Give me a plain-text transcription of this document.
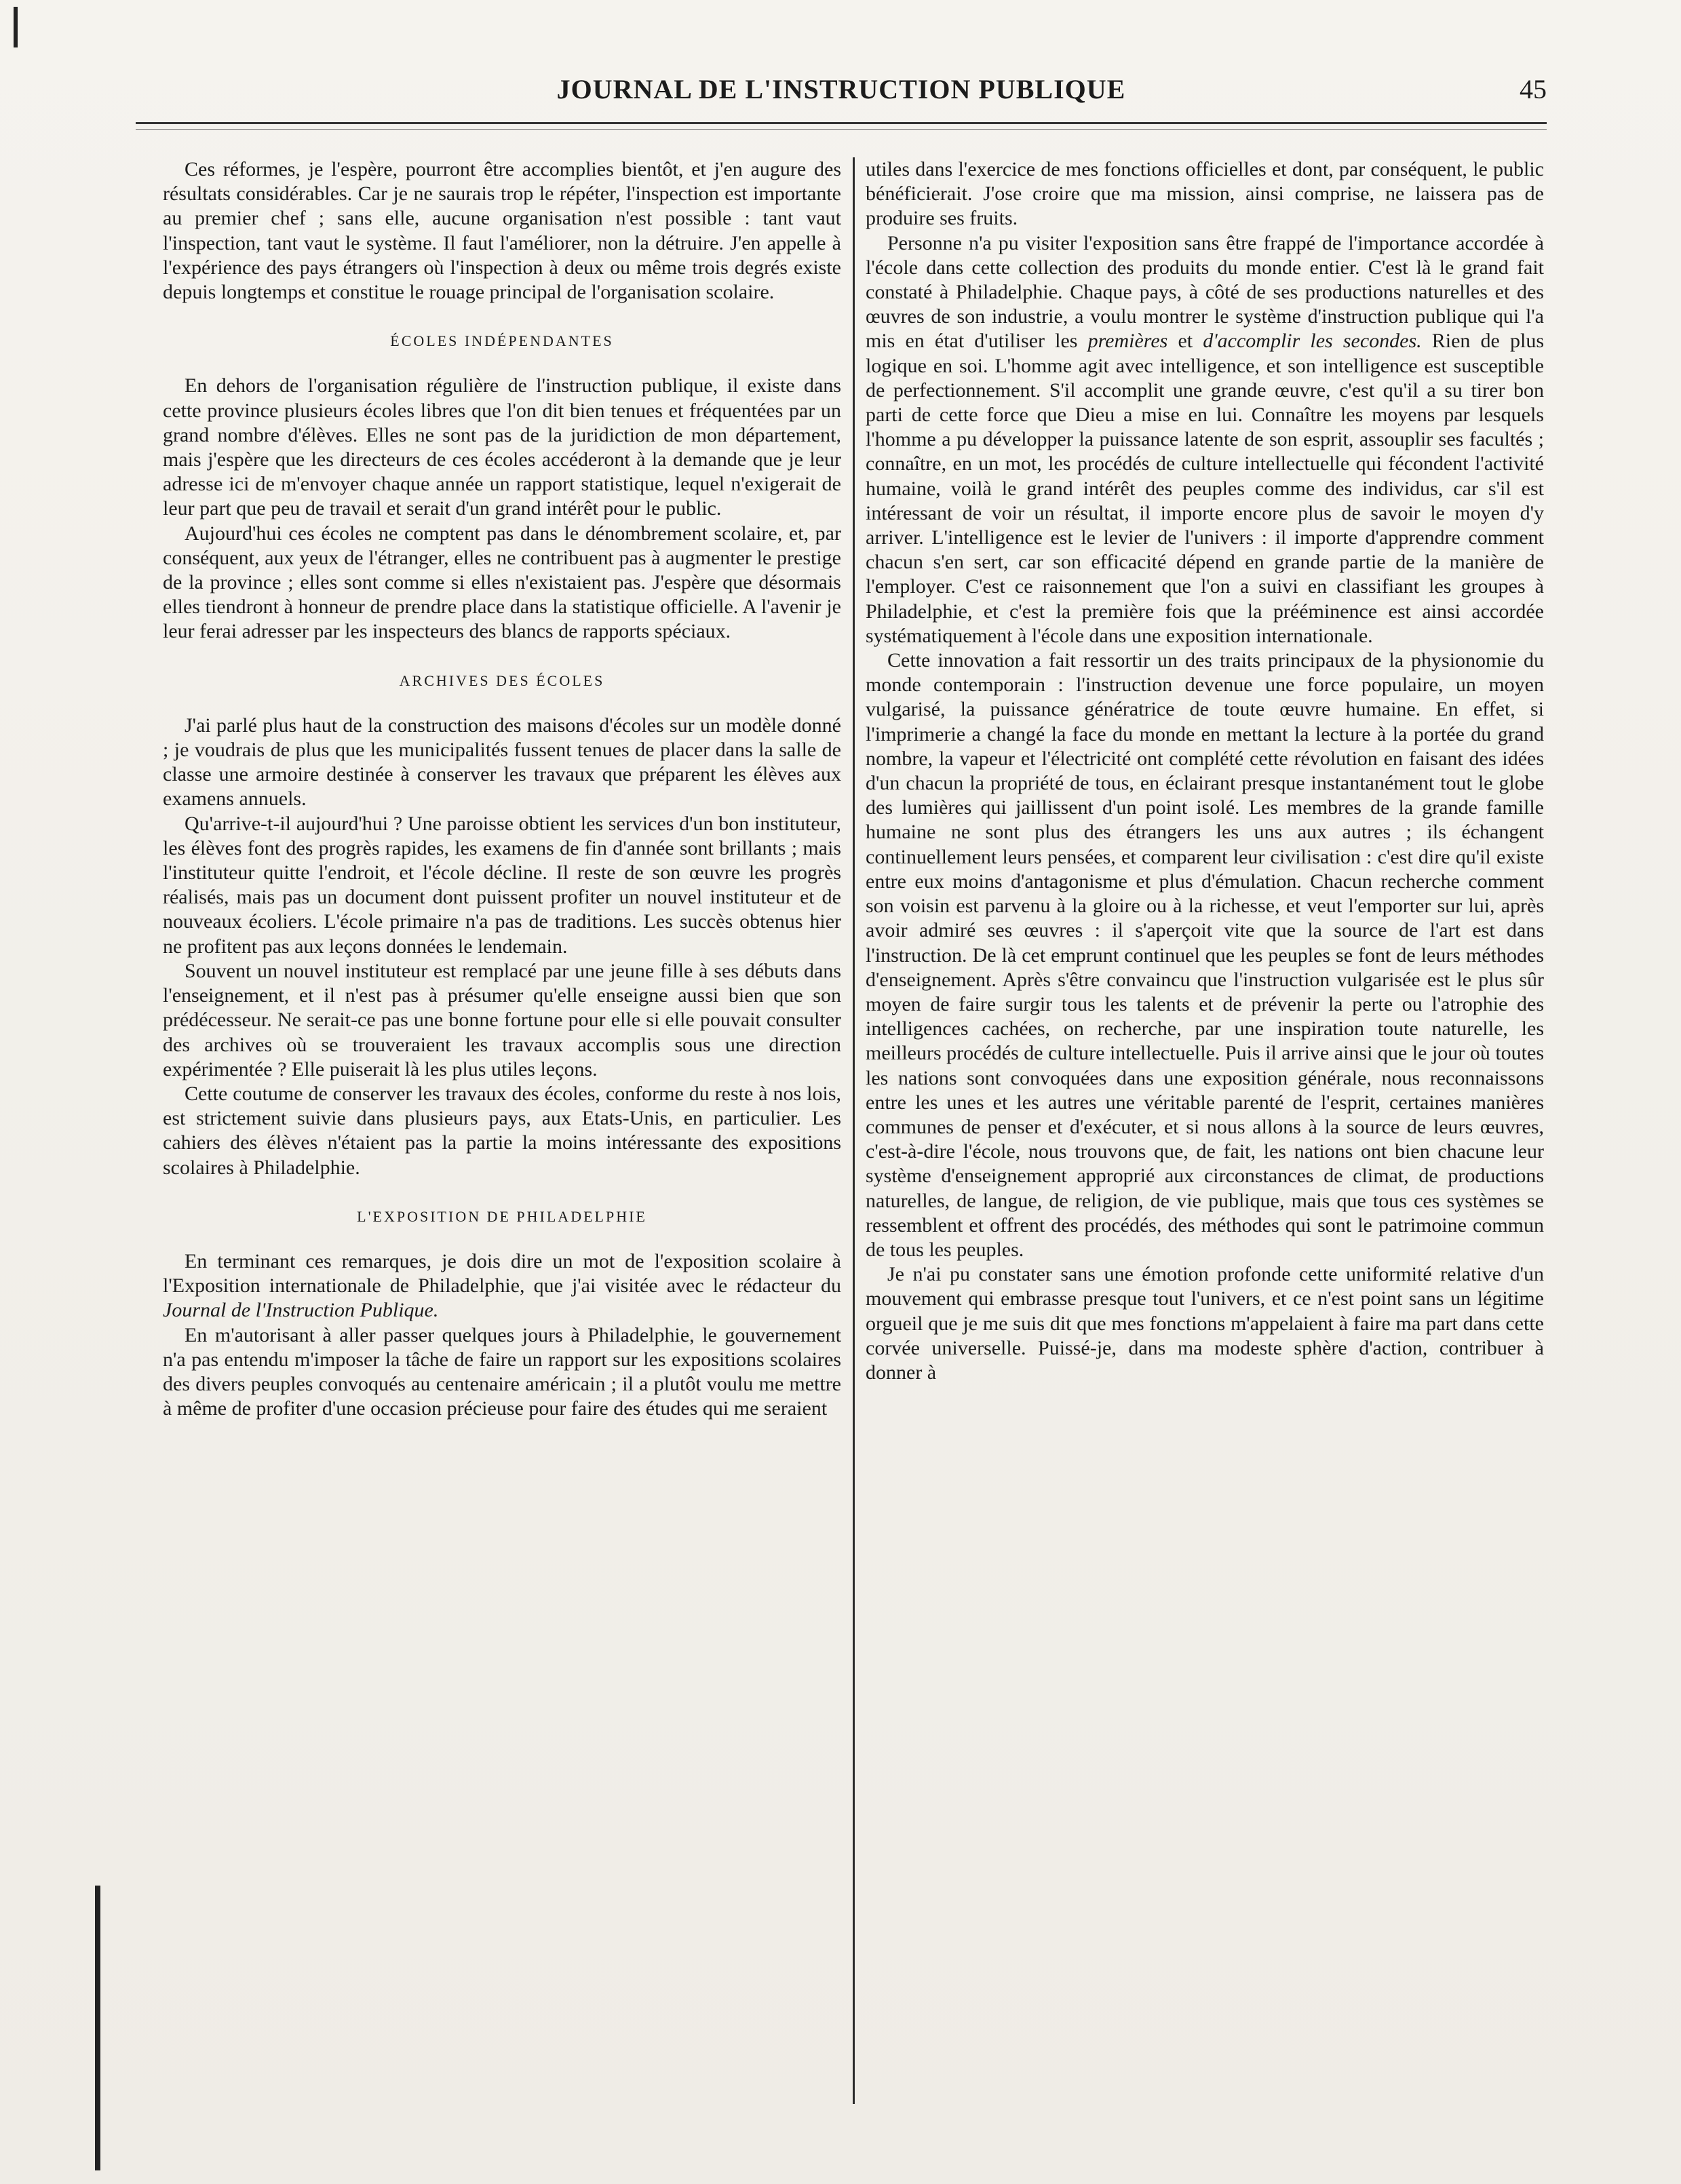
JOURNAL DE L'INSTRUCTION PUBLIQUE	45

Ces réformes, je l'espère, pourront être accomplies bientôt, et j'en augure des résultats considérables. Car je ne saurais trop le répéter, l'inspection est importante au premier chef ; sans elle, aucune organisation n'est possible : tant vaut l'inspection, tant vaut le système. Il faut l'améliorer, non la détruire. J'en appelle à l'expérience des pays étrangers où l'inspection à deux ou même trois degrés existe depuis longtemps et constitue le rouage principal de l'organisation scolaire.

ÉCOLES INDÉPENDANTES

En dehors de l'organisation régulière de l'instruction publique, il existe dans cette province plusieurs écoles libres que l'on dit bien tenues et fréquentées par un grand nombre d'élèves. Elles ne sont pas de la juridiction de mon département, mais j'espère que les directeurs de ces écoles accéderont à la demande que je leur adresse ici de m'envoyer chaque année un rapport statistique, lequel n'exigerait de leur part que peu de travail et serait d'un grand intérêt pour le public.

Aujourd'hui ces écoles ne comptent pas dans le dénombrement scolaire, et, par conséquent, aux yeux de l'étranger, elles ne contribuent pas à augmenter le prestige de la province ; elles sont comme si elles n'existaient pas. J'espère que désormais elles tiendront à honneur de prendre place dans la statistique officielle. A l'avenir je leur ferai adresser par les inspecteurs des blancs de rapports spéciaux.

ARCHIVES DES ÉCOLES

J'ai parlé plus haut de la construction des maisons d'écoles sur un modèle donné ; je voudrais de plus que les municipalités fussent tenues de placer dans la salle de classe une armoire destinée à conserver les travaux que préparent les élèves aux examens annuels.

Qu'arrive-t-il aujourd'hui ? Une paroisse obtient les services d'un bon instituteur, les élèves font des progrès rapides, les examens de fin d'année sont brillants ; mais l'instituteur quitte l'endroit, et l'école décline. Il reste de son œuvre les progrès réalisés, mais pas un document dont puissent profiter un nouvel instituteur et de nouveaux écoliers. L'école primaire n'a pas de traditions. Les succès obtenus hier ne profitent pas aux leçons données le lendemain.

Souvent un nouvel instituteur est remplacé par une jeune fille à ses débuts dans l'enseignement, et il n'est pas à présumer qu'elle enseigne aussi bien que son prédécesseur. Ne serait-ce pas une bonne fortune pour elle si elle pouvait consulter des archives où se trouveraient les travaux accomplis sous une direction expérimentée ? Elle puiserait là les plus utiles leçons.

Cette coutume de conserver les travaux des écoles, conforme du reste à nos lois, est strictement suivie dans plusieurs pays, aux Etats-Unis, en particulier. Les cahiers des élèves n'étaient pas la partie la moins intéressante des expositions scolaires à Philadelphie.

L'EXPOSITION DE PHILADELPHIE

En terminant ces remarques, je dois dire un mot de l'exposition scolaire à l'Exposition internationale de Philadelphie, que j'ai visitée avec le rédacteur du Journal de l'Instruction Publique.

En m'autorisant à aller passer quelques jours à Philadelphie, le gouvernement n'a pas entendu m'imposer la tâche de faire un rapport sur les expositions scolaires des divers peuples convoqués au centenaire américain ; il a plutôt voulu me mettre à même de profiter d'une occasion précieuse pour faire des études qui me seraient

utiles dans l'exercice de mes fonctions officielles et dont, par conséquent, le public bénéficierait. J'ose croire que ma mission, ainsi comprise, ne laissera pas de produire ses fruits.

Personne n'a pu visiter l'exposition sans être frappé de l'importance accordée à l'école dans cette collection des produits du monde entier. C'est là le grand fait constaté à Philadelphie. Chaque pays, à côté de ses productions naturelles et des œuvres de son industrie, a voulu montrer le système d'instruction publique qui l'a mis en état d'utiliser les premières et d'accomplir les secondes. Rien de plus logique en soi. L'homme agit avec intelligence, et son intelligence est susceptible de perfectionnement. S'il accomplit une grande œuvre, c'est qu'il a su tirer bon parti de cette force que Dieu a mise en lui. Connaître les moyens par lesquels l'homme a pu développer la puissance latente de son esprit, assouplir ses facultés ; connaître, en un mot, les procédés de culture intellectuelle qui fécondent l'activité humaine, voilà le grand intérêt des peuples comme des individus, car s'il est intéressant de voir un résultat, il importe encore plus de savoir le moyen d'y arriver. L'intelligence est le levier de l'univers : il importe d'apprendre comment chacun s'en sert, car son efficacité dépend en grande partie de la manière de l'employer. C'est ce raisonnement que l'on a suivi en classifiant les groupes à Philadelphie, et c'est la première fois que la prééminence est ainsi accordée systématiquement à l'école dans une exposition internationale.

Cette innovation a fait ressortir un des traits principaux de la physionomie du monde contemporain : l'instruction devenue une force populaire, un moyen vulgarisé, la puissance génératrice de toute œuvre humaine. En effet, si l'imprimerie a changé la face du monde en mettant la lecture à la portée du grand nombre, la vapeur et l'électricité ont complété cette révolution en faisant des idées d'un chacun la propriété de tous, en éclairant presque instantanément tout le globe des lumières qui jaillissent d'un point isolé. Les membres de la grande famille humaine ne sont plus des étrangers les uns aux autres ; ils échangent continuellement leurs pensées, et comparent leur civilisation : c'est dire qu'il existe entre eux moins d'antagonisme et plus d'émulation. Chacun recherche comment son voisin est parvenu à la gloire ou à la richesse, et veut l'emporter sur lui, après avoir admiré ses œuvres : il s'aperçoit vite que la source de l'art est dans l'instruction. De là cet emprunt continuel que les peuples se font de leurs méthodes d'enseignement. Après s'être convaincu que l'instruction vulgarisée est le plus sûr moyen de faire surgir tous les talents et de prévenir la perte ou l'atrophie des intelligences cachées, on recherche, par une inspiration toute naturelle, les meilleurs procédés de culture intellectuelle. Puis il arrive ainsi que le jour où toutes les nations sont convoquées dans une exposition générale, nous reconnaissons entre les unes et les autres une véritable parenté de l'esprit, certaines manières communes de penser et d'exécuter, et si nous allons à la source de leurs œuvres, c'est-à-dire l'école, nous trouvons que, de fait, les nations ont bien chacune leur système d'enseignement approprié aux circonstances de climat, de productions naturelles, de langue, de religion, de vie publique, mais que tous ces systèmes se ressemblent et offrent des procédés, des méthodes qui sont le patrimoine commun de tous les peuples.

Je n'ai pu constater sans une émotion profonde cette uniformité relative d'un mouvement qui embrasse presque tout l'univers, et ce n'est point sans un légitime orgueil que je me suis dit que mes fonctions m'appelaient à faire ma part dans cette corvée universelle. Puissé-je, dans ma modeste sphère d'action, contribuer à donner à
